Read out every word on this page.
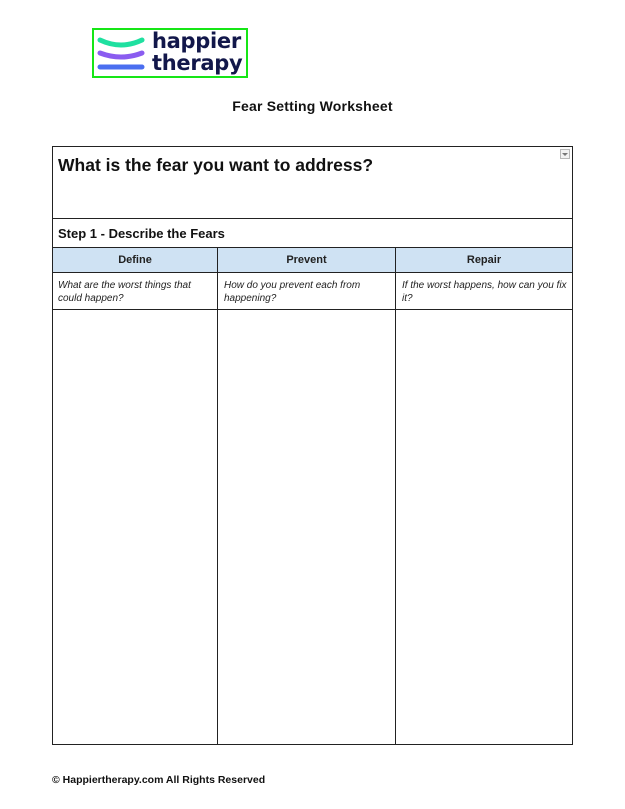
happier
therapy
Fear Setting Worksheet
What is the fear you want to address?
Step 1 - Describe the Fears
Define	Prevent	Repair
What are the worst things that could happen?
How do you prevent each from happening?
If the worst happens, how can you fix it?
© Happiertherapy.com All Rights Reserved
